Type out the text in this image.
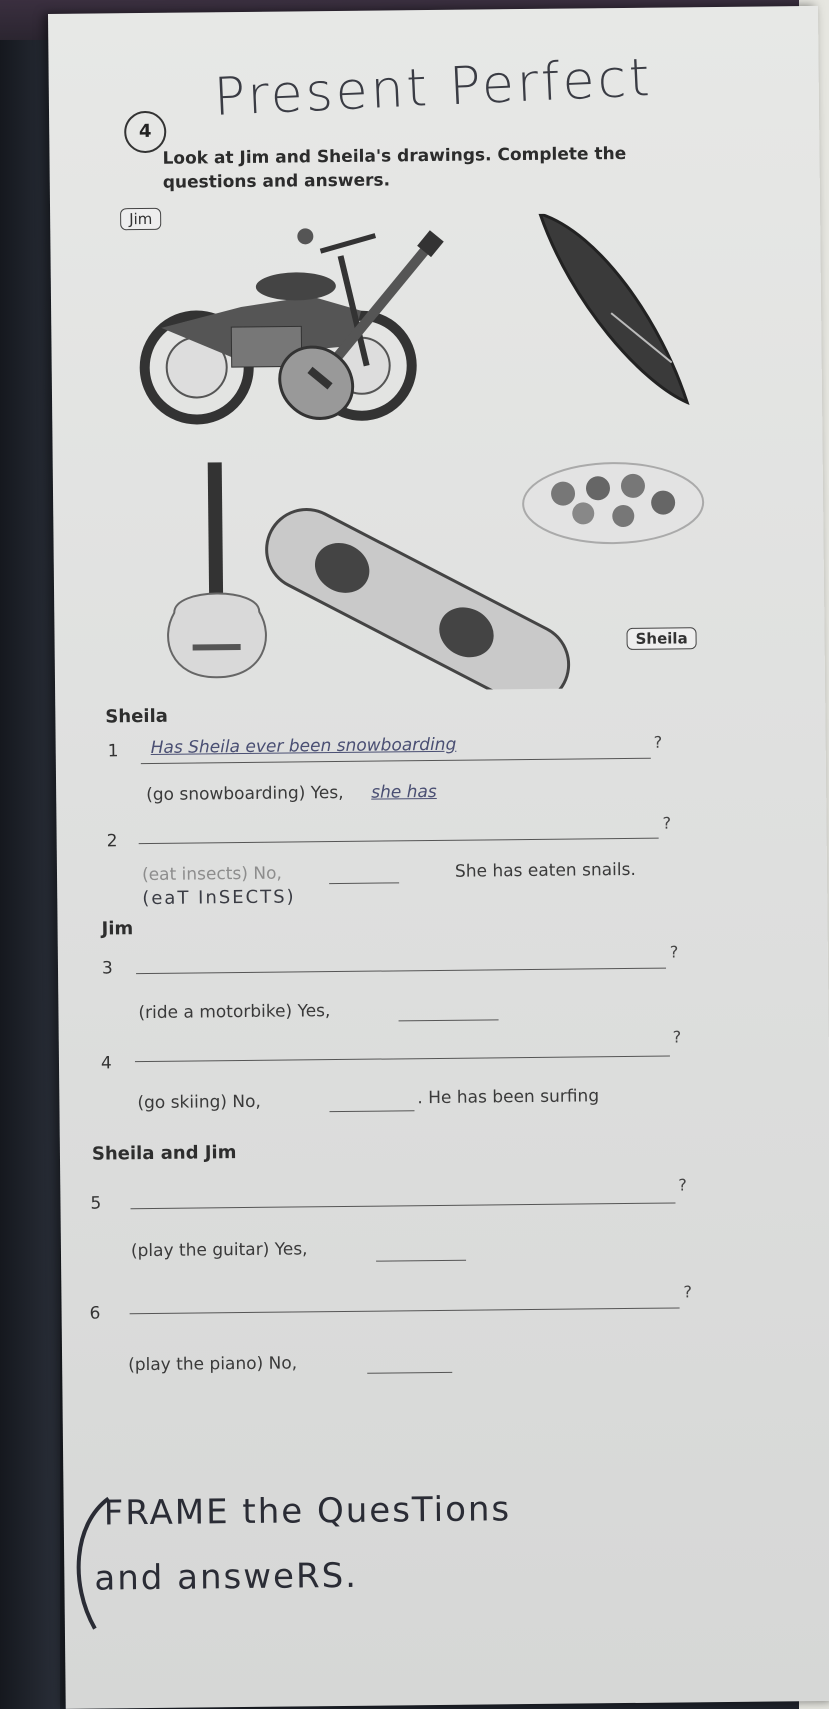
Present Perfect
4
Look at Jim and Sheila's drawings. Complete the questions and answers.
Jim
Sheila
Sheila
1 Has Sheila ever been snowboarding	?
(go snowboarding) Yes, she has
2
?
(eat insects) No,	She has eaten snails.
(eaT InSECTS)
Jim
3
?
(ride a motorbike) Yes,
4
?
(go skiing) No,	. He has been surfing
Sheila and Jim
5
?
(play the guitar) Yes,
6
?
(play the piano) No,
FRAME the QuesTions
and answeRS.
